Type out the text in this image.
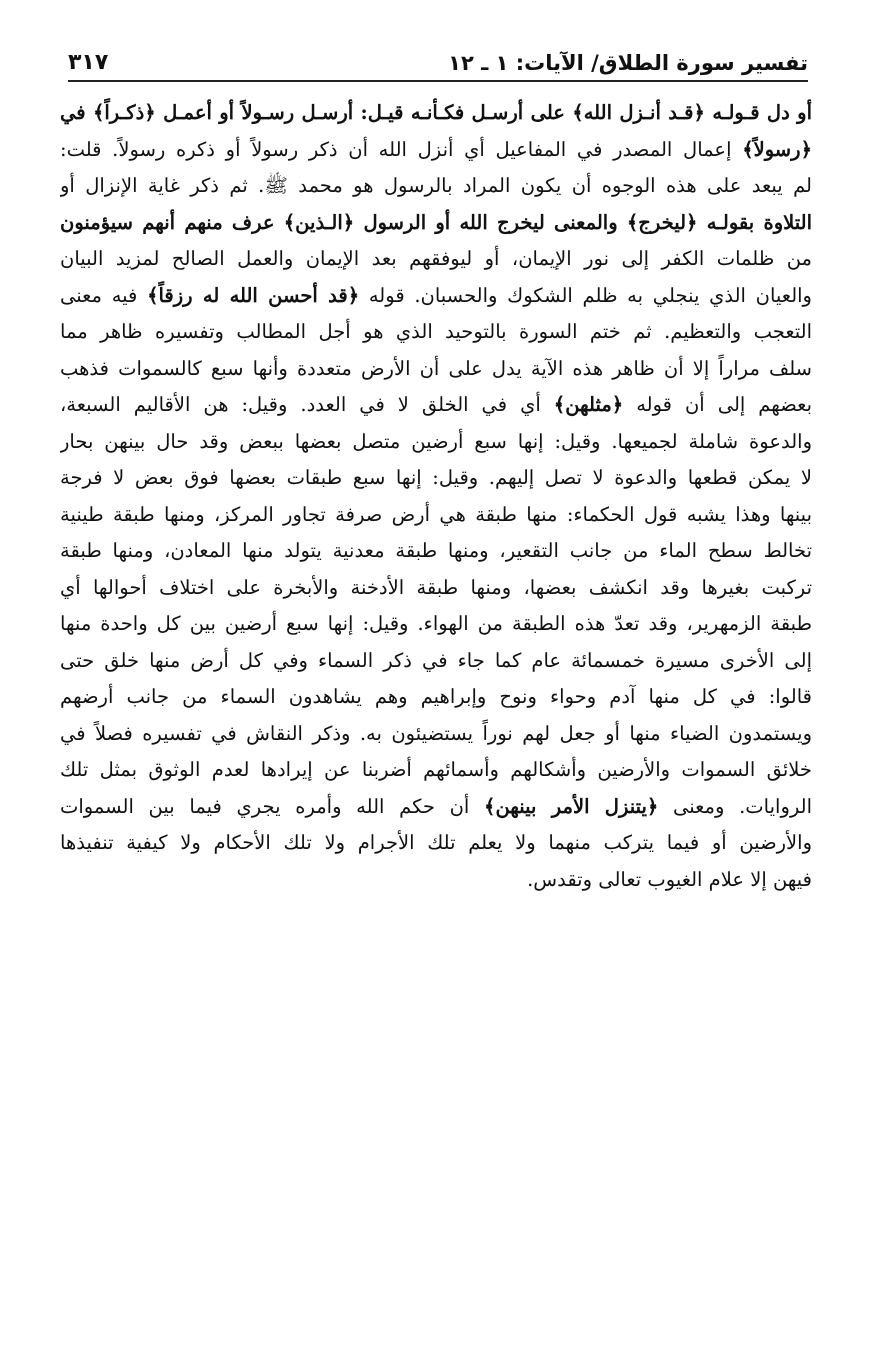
تفسير سورة الطلاق/ الآيات: ١ ـ ١٢
٣١٧
أو دل قـولـه ﴿قـد أنـزل الله﴾ على أرسـل فكـأنـه قيـل: أرسـل رسـولاً أو أعمـل ﴿ذكـراً﴾ في
﴿رسولاً﴾ إعمال المصدر في المفاعيل أي أنزل الله أن ذكر رسولاً أو ذكره رسولاً. قلت:
لم يبعد على هذه الوجوه أن يكون المراد بالرسول هو محمد ﷺ. ثم ذكر غاية الإنزال أو
التلاوة بقولـه ﴿ليخرج﴾ والمعنى ليخرج الله أو الرسول ﴿الـذين﴾ عرف منهم أنهم سيؤمنون
من ظلمات الكفر إلى نور الإيمان، أو ليوفقهم بعد الإيمان والعمل الصالح لمزيد البيان
والعيان الذي ينجلي به ظلم الشكوك والحسبان. قوله ﴿قد أحسن الله له رزقاً﴾ فيه معنى
التعجب والتعظيم. ثم ختم السورة بالتوحيد الذي هو أجل المطالب وتفسيره ظاهر مما
سلف مراراً إلا أن ظاهر هذه الآية يدل على أن الأرض متعددة وأنها سبع كالسموات فذهب
بعضهم إلى أن قوله ﴿مثلهن﴾ أي في الخلق لا في العدد. وقيل: هن الأقاليم السبعة،
والدعوة شاملة لجميعها. وقيل: إنها سبع أرضين متصل بعضها ببعض وقد حال بينهن بحار
لا يمكن قطعها والدعوة لا تصل إليهم. وقيل: إنها سبع طبقات بعضها فوق بعض لا فرجة
بينها وهذا يشبه قول الحكماء: منها طبقة هي أرض صرفة تجاور المركز، ومنها طبقة طينية
تخالط سطح الماء من جانب التقعير، ومنها طبقة معدنية يتولد منها المعادن، ومنها طبقة
تركبت بغيرها وقد انكشف بعضها، ومنها طبقة الأدخنة والأبخرة على اختلاف أحوالها أي
طبقة الزمهرير، وقد تعدّ هذه الطبقة من الهواء. وقيل: إنها سبع أرضين بين كل واحدة منها
إلى الأخرى مسيرة خمسمائة عام كما جاء في ذكر السماء وفي كل أرض منها خلق حتى
قالوا: في كل منها آدم وحواء ونوح وإبراهيم وهم يشاهدون السماء من جانب أرضهم
ويستمدون الضياء منها أو جعل لهم نوراً يستضيئون به. وذكر النقاش في تفسيره فصلاً في
خلائق السموات والأرضين وأشكالهم وأسمائهم أضربنا عن إيرادها لعدم الوثوق بمثل تلك
الروايات. ومعنى ﴿يتنزل الأمر بينهن﴾ أن حكم الله وأمره يجري فيما بين السموات
والأرضين أو فيما يتركب منهما ولا يعلم تلك الأجرام ولا تلك الأحكام ولا كيفية تنفيذها
فيهن إلا علام الغيوب تعالى وتقدس.
